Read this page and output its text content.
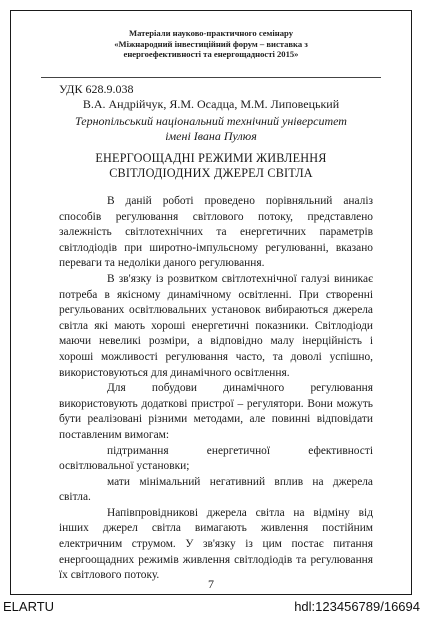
Матеріали науково-практичного семінару
«Міжнародний інвестиційний форум – виставка з
енергоефективності та енергощадності 2015»
УДК 628.9.038
В.А. Андрійчук, Я.М. Осадца, М.М. Липовецький
Тернопільський національний технічний університет
імені Івана Пулюя
ЕНЕРГООЩАДНІ РЕЖИМИ ЖИВЛЕННЯ
СВІТЛОДІОДНИХ ДЖЕРЕЛ СВІТЛА

В даній роботі проведено порівняльний аналіз способів регулювання світлового потоку, представлено залежність світлотехнічних та енергетичних параметрів світлодіодів при широтно-імпульсному регулюванні, вказано переваги та недоліки даного регулювання.

В зв'язку із розвитком світлотехнічної галузі виникає потреба в якісному динамічному освітленні. При створенні регульованих освітлювальних установок вибираються джерела світла які мають хороші енергетичні показники. Світлодіоди маючи невеликі розміри, а відповідно малу інерційність і хороші можливості регулювання часто, та доволі успішно, використовуються для динамічного освітлення.

Для побудови динамічного регулювання використовують додаткові пристрої – регулятори. Вони можуть бути реалізовані різними методами, але повинні відповідати поставленим вимогам:

підтримання енергетичної ефективності освітлювальної установки;

мати мінімальний негативний вплив на джерела світла.

Напівпровідникові джерела світла на відміну від інших джерел світла вимагають живлення постійним електричним струмом. У зв'язку із цим постає питання енергоощадних режимів живлення світлодіодів та регулювання їх світлового потоку.

7
ELARTU	hdl:123456789/16694
